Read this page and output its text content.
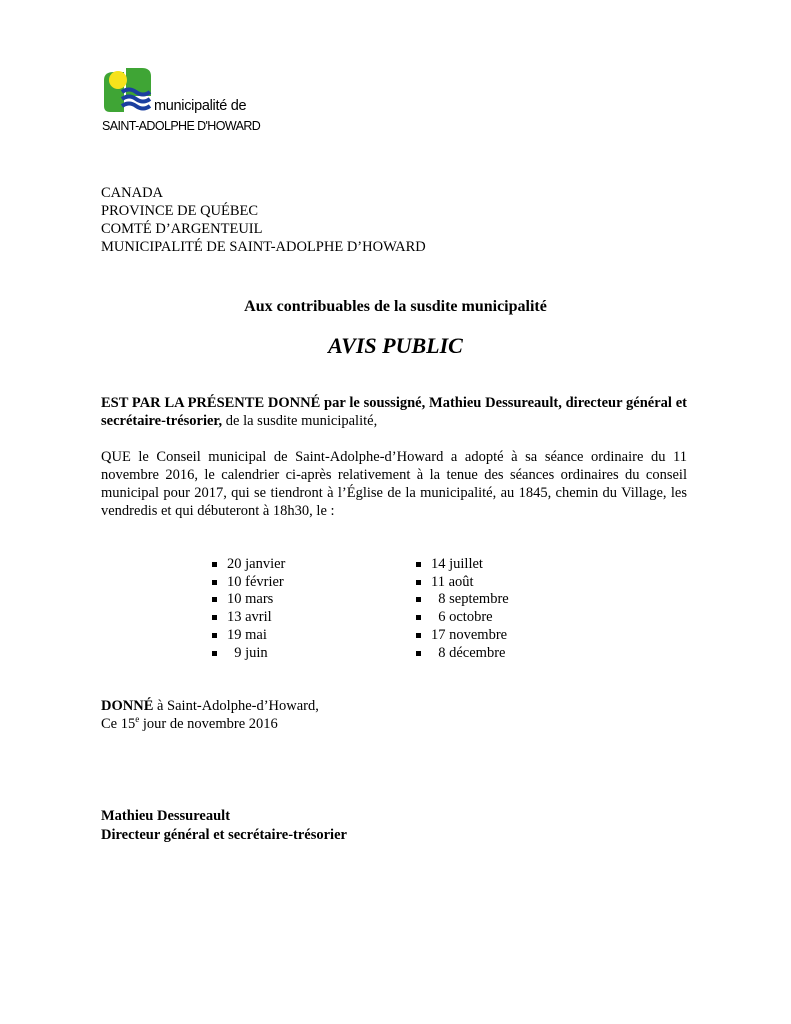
municipalité de
SAINT-ADOLPHE D'HOWARD
CANADA
PROVINCE DE QUÉBEC
COMTÉ D’ARGENTEUIL
MUNICIPALITÉ DE SAINT-ADOLPHE D’HOWARD
Aux contribuables de la susdite municipalité
AVIS PUBLIC
EST PAR LA PRÉSENTE DONNÉ par le soussigné, Mathieu Dessureault, directeur général et secrétaire-trésorier, de la susdite municipalité,
QUE le Conseil municipal de Saint-Adolphe-d’Howard a adopté à sa séance ordinaire du 11 novembre 2016, le calendrier ci-après relativement à la tenue des séances ordinaires du conseil municipal pour 2017, qui se tiendront à l’Église de la municipalité, au 1845, chemin du Village, les vendredis et qui débuteront à 18h30, le :
20 janvier
10 février
10 mars
13 avril
19 mai
9 juin
14 juillet
11 août
8 septembre
6 octobre
17 novembre
8 décembre
DONNÉ à Saint-Adolphe-d’Howard,
Ce 15e jour de novembre 2016
Mathieu Dessureault
Directeur général et secrétaire-trésorier
